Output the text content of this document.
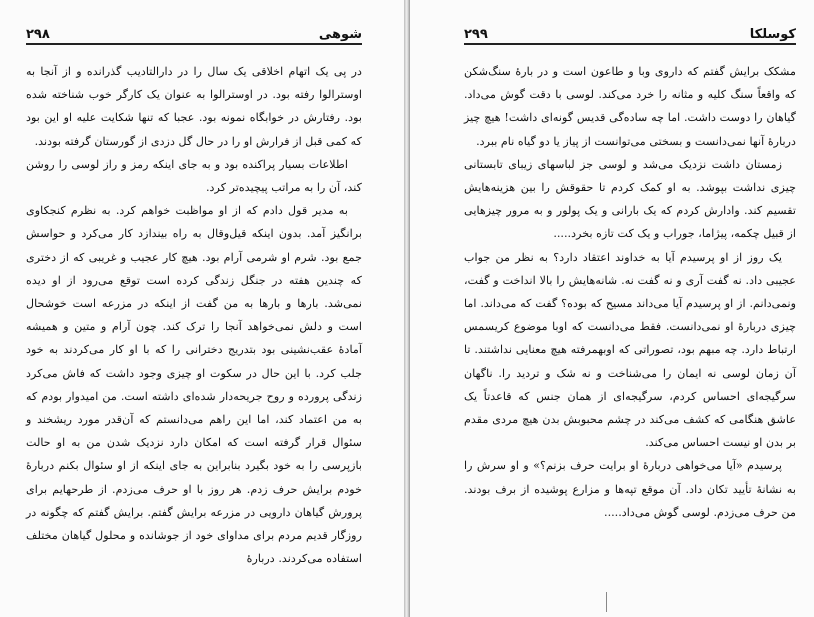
شوهی
۲۹۸

در پی یک اتهام اخلاقی یک سال را در دارالتادیب گذرانده و از آنجا به اوسترالوا رفته بود. در اوسترالوا به عنوان یک کارگر خوب شناخته شده بود. رفتارش در خوابگاه نمونه بود. عجبا که تنها شکایت علیه او این بود که کمی قبل از فرارش او را در حال گل دزدی از گورستان گرفته بودند.

اطلاعات بسیار پراکنده بود و به جای اینکه رمز و راز لوسی را روشن کند، آن را به مراتب پیچیده‌تر کرد.

به مدیر قول دادم که از او مواظبت خواهم کرد. به نظرم کنجکاوی برانگیز آمد. بدون اینکه قیل‌وقال به راه بیندازد کار می‌کرد و حواسش جمع بود. شرم او شرمی آرام بود. هیچ کار عجیب و غریبی که از دختری که چندین هفته در جنگل زندگی کرده است توقع می‌رود از او دیده نمی‌شد. بارها و بارها به من گفت از اینکه در مزرعه است خوشحال است و دلش نمی‌خواهد آنجا را ترک کند. چون آرام و متین و همیشه آماده‌ٔ عقب‌نشینی بود بتدریج دخترانی را که با او کار می‌کردند به خود جلب کرد. با این حال در سکوت او چیزی وجود داشت که فاش می‌کرد زندگی پرورده و روح جریحه‌دار شده‌ای داشته است. من امیدوار بودم که به من اعتماد کند، اما این راهم می‌دانستم که آن‌قدر مورد ریشخند و سئوال قرار گرفته است که امکان دارد نزدیک شدن من به او حالت بازپرسی را به خود بگیرد بنابراین به جای اینکه از او سئوال بکنم دربارهٔ خودم برایش حرف زدم. هر روز با او حرف می‌زدم. از طرحهایم برای پرورش گیاهان دارویی در مزرعه برایش گفتم. برایش گفتم که چگونه در روزگار قدیم مردم برای مداوای خود از جوشانده و محلول گیاهان مختلف استفاده می‌کردند. دربارهٔ

کوسلکا
۲۹۹

مشکک برایش گفتم که داروی وبا و طاعون است و در بارهٔ سنگ‌شکن که واقعاً سنگ کلیه و مثانه را خرد می‌کند. لوسی با دقت گوش می‌داد. گیاهان را دوست داشت. اما چه ساده‌گی قدیس گونه‌ای داشت! هیچ چیز دربارهٔ آنها نمی‌دانست و بسختی می‌توانست از پیاز یا دو گیاه نام ببرد.

زمستان داشت نزدیک می‌شد و لوسی جز لباسهای زیبای تابستانی چیزی نداشت بپوشد. به او کمک کردم تا حقوقش را بین هزینه‌هایش تقسیم کند. وادارش کردم که یک بارانی و یک پولور و به مرور چیزهایی از قبیل چکمه، پیژاما، جوراب و یک کت تازه بخرد.....

یک روز از او پرسیدم آیا به خداوند اعتقاد دارد؟ به نظر من جواب عجیبی داد. نه گفت آری و نه گفت نه. شانه‌هایش را بالا انداخت و گفت، ونمی‌دانم. از او پرسیدم آیا می‌داند مسیح که بوده؟ گفت که می‌داند. اما چیزی دربارهٔ او نمی‌دانست. فقط می‌دانست که اوبا موضوع کریسمس ارتباط دارد. چه مبهم بود، تصوراتی که اوبهمرفته هیچ معنایی نداشتند. تا آن زمان لوسی نه ایمان را می‌شناخت و نه شک و تردید را. ناگهان سرگیجه‌ای احساس کردم، سرگیجه‌ای از همان جنس که قاعدتاً یک عاشق هنگامی که کشف می‌کند در چشم محبوبش بدن هیچ مردی مقدم بر بدن او نیست احساس می‌کند.

پرسیدم «آیا می‌خواهی دربارهٔ او برایت حرف بزنم؟» و او سرش را به نشانهٔ تأیید تکان داد. آن موقع تپه‌ها و مزارع پوشیده از برف بودند. من حرف می‌زدم. لوسی گوش می‌داد.....
